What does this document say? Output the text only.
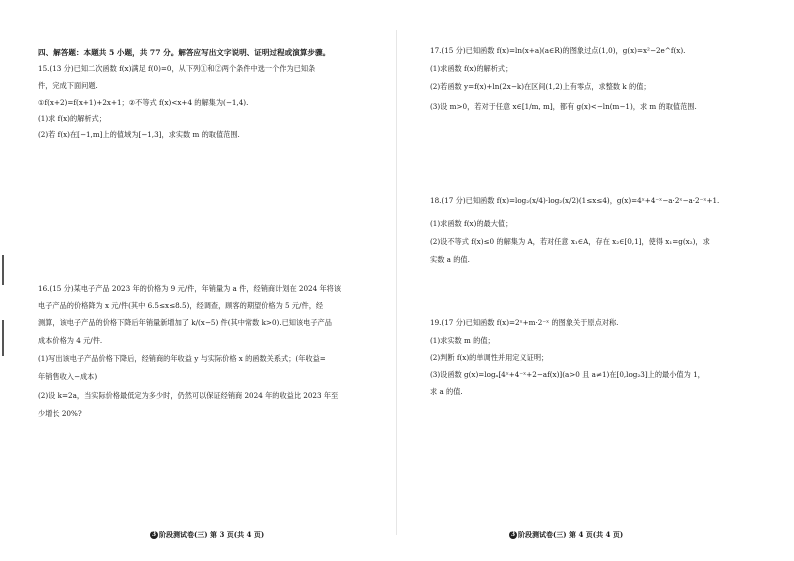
四、解答题：本题共 5 小题，共 77 分。解答应写出文字说明、证明过程或演算步骤。
15.(13 分)已知二次函数 f(x)满足 f(0)=0，从下列①和②两个条件中选一个作为已知条
件，完成下面问题.
①f(x+2)=f(x+1)+2x+1；②不等式 f(x)<x+4 的解集为(−1,4).
(1)求 f(x)的解析式；
(2)若 f(x)在[−1,m]上的值域为[−1,3]，求实数 m 的取值范围.
16.(15 分)某电子产品 2023 年的价格为 9 元/件，年销量为 a 件，经销商计划在 2024 年将该
电子产品的价格降为 x 元/件(其中 6.5≤x≤8.5)，经调查，顾客的期望价格为 5 元/件，经
测算，该电子产品的价格下降后年销量新增加了 k/(x−5) 件(其中常数 k>0).已知该电子产品
成本价格为 4 元/件.
(1)写出该电子产品价格下降后，经销商的年收益 y 与实际价格 x 的函数关系式；(年收益=
年销售收入−成本)
(2)设 k=2a，当实际价格最低定为多少时，仍然可以保证经销商 2024 年的收益比 2023 年至
少增长 20%?
3 阶段测试卷(三) 第 3 页(共 4 页)
17.(15 分)已知函数 f(x)=ln(x+a)(a∈R)的图象过点(1,0)，g(x)=x²−2e^f(x).
(1)求函数 f(x)的解析式；
(2)若函数 y=f(x)+ln(2x−k)在区间(1,2)上有零点，求整数 k 的值；
(3)设 m>0，若对于任意 x∈[1/m, m]，都有 g(x)<−ln(m−1)，求 m 的取值范围.
18.(17 分)已知函数 f(x)=log₂(x/4)·log₂(x/2)(1≤x≤4)，g(x)=4ˣ+4⁻ˣ−a·2ˣ−a·2⁻ˣ+1.
(1)求函数 f(x)的最大值；
(2)设不等式 f(x)≤0 的解集为 A，若对任意 x₁∈A，存在 x₂∈[0,1]，使得 x₁=g(x₂)，求
实数 a 的值.
19.(17 分)已知函数 f(x)=2ˣ+m·2⁻ˣ 的图象关于原点对称.
(1)求实数 m 的值；
(2)判断 f(x)的单调性并用定义证明；
(3)设函数 g(x)=logₐ[4ˣ+4⁻ˣ+2−af(x)](a>0 且 a≠1)在[0,log₂3]上的最小值为 1，
求 a 的值.
3 阶段测试卷(三) 第 4 页(共 4 页)
